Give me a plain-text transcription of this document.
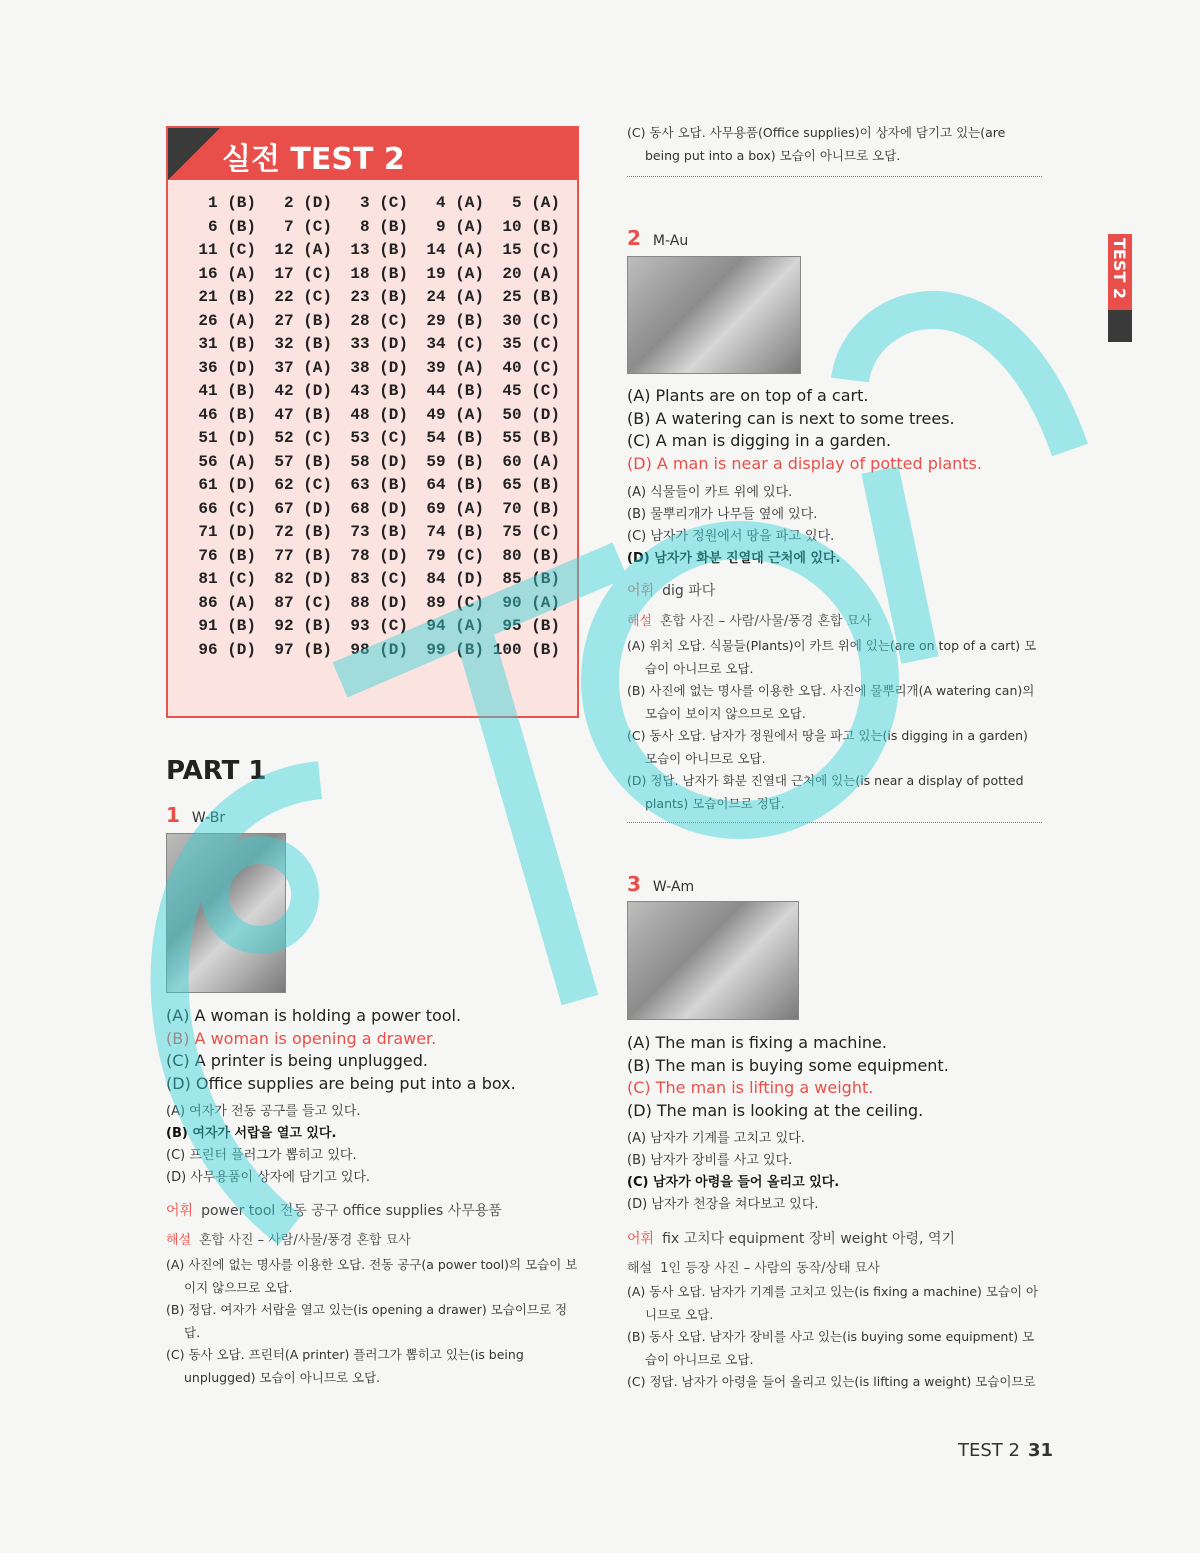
실전 TEST 2
1 (B)	2 (D)	3 (C)	4 (A)	5 (A)
6 (B)	7 (C)	8 (B)	9 (A)	10 (B)
11 (C)	12 (A)	13 (B)	14 (A)	15 (C)
16 (A)	17 (C)	18 (B)	19 (A)	20 (A)
21 (B)	22 (C)	23 (B)	24 (A)	25 (B)
26 (A)	27 (B)	28 (C)	29 (B)	30 (C)
31 (B)	32 (B)	33 (D)	34 (C)	35 (C)
36 (D)	37 (A)	38 (D)	39 (A)	40 (C)
41 (B)	42 (D)	43 (B)	44 (B)	45 (C)
46 (B)	47 (B)	48 (D)	49 (A)	50 (D)
51 (D)	52 (C)	53 (C)	54 (B)	55 (B)
56 (A)	57 (B)	58 (D)	59 (B)	60 (A)
61 (D)	62 (C)	63 (B)	64 (B)	65 (B)
66 (C)	67 (D)	68 (D)	69 (A)	70 (B)
71 (D)	72 (B)	73 (B)	74 (B)	75 (C)
76 (B)	77 (B)	78 (D)	79 (C)	80 (B)
81 (C)	82 (D)	83 (C)	84 (D)	85 (B)
86 (A)	87 (C)	88 (D)	89 (C)	90 (A)
91 (B)	92 (B)	93 (C)	94 (A)	95 (B)
96 (D)	97 (B)	98 (D)	99 (B) 100 (B)
PART 1
1 W-Br
(A) A woman is holding a power tool.
(B) A woman is opening a drawer.
(C) A printer is being unplugged.
(D) Office supplies are being put into a box.
(A) 여자가 전동 공구를 들고 있다.
(B) 여자가 서랍을 열고 있다.
(C) 프린터 플러그가 뽑히고 있다.
(D) 사무용품이 상자에 담기고 있다.
어휘 power tool 전동 공구 office supplies 사무용품
해설 혼합 사진 – 사람/사물/풍경 혼합 묘사

(A) 사진에 없는 명사를 이용한 오답. 전동 공구(a power tool)의 모습이 보이지 않으므로 오답.

(B) 정답. 여자가 서랍을 열고 있는(is opening a drawer) 모습이므로 정답.

(C) 동사 오답. 프린터(A printer) 플러그가 뽑히고 있는(is being unplugged) 모습이 아니므로 오답.

(C) 동사 오답. 사무용품(Office supplies)이 상자에 담기고 있는(are being put into a box) 모습이 아니므로 오답.

2 M-Au
(A) Plants are on top of a cart.
(B) A watering can is next to some trees.
(C) A man is digging in a garden.
(D) A man is near a display of potted plants.
(A) 식물들이 카트 위에 있다.
(B) 물뿌리개가 나무들 옆에 있다.
(C) 남자가 정원에서 땅을 파고 있다.
(D) 남자가 화분 진열대 근처에 있다.
어휘 dig 파다
해설 혼합 사진 – 사람/사물/풍경 혼합 묘사

(A) 위치 오답. 식물들(Plants)이 카트 위에 있는(are on top of a cart) 모습이 아니므로 오답.

(B) 사진에 없는 명사를 이용한 오답. 사진에 물뿌리개(A watering can)의 모습이 보이지 않으므로 오답.

(C) 동사 오답. 남자가 정원에서 땅을 파고 있는(is digging in a garden) 모습이 아니므로 오답.

(D) 정답. 남자가 화분 진열대 근처에 있는(is near a display of potted plants) 모습이므로 정답.

3 W-Am
(A) The man is fixing a machine.
(B) The man is buying some equipment.
(C) The man is lifting a weight.
(D) The man is looking at the ceiling.
(A) 남자가 기계를 고치고 있다.
(B) 남자가 장비를 사고 있다.
(C) 남자가 아령을 들어 올리고 있다.
(D) 남자가 천장을 쳐다보고 있다.
어휘 fix 고치다 equipment 장비 weight 아령, 역기
해설 1인 등장 사진 – 사람의 동작/상태 묘사

(A) 동사 오답. 남자가 기계를 고치고 있는(is fixing a machine) 모습이 아니므로 오답.

(B) 동사 오답. 남자가 장비를 사고 있는(is buying some equipment) 모습이 아니므로 오답.

(C) 정답. 남자가 아령을 들어 올리고 있는(is lifting a weight) 모습이므로

TEST 2
TEST 2 31
